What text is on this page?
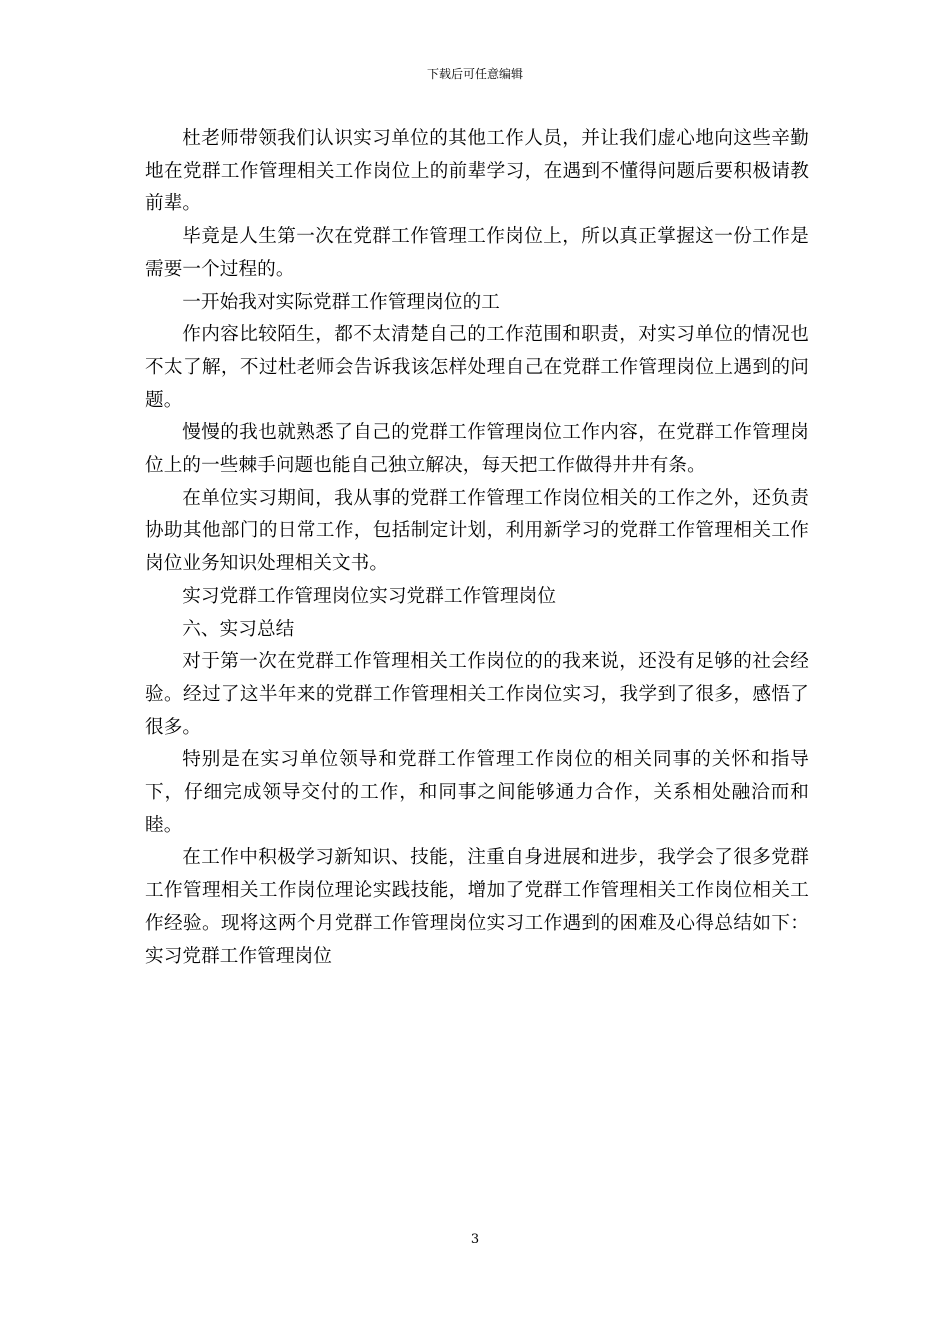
下载后可任意编辑

杜老师带领我们认识实习单位的其他工作人员，并让我们虚心地向这些辛勤地在党群工作管理相关工作岗位上的前辈学习，在遇到不懂得问题后要积极请教前辈。

毕竟是人生第一次在党群工作管理工作岗位上，所以真正掌握这一份工作是需要一个过程的。

一开始我对实际党群工作管理岗位的工

作内容比较陌生，都不太清楚自己的工作范围和职责，对实习单位的情况也不太了解，不过杜老师会告诉我该怎样处理自己在党群工作管理岗位上遇到的问题。

慢慢的我也就熟悉了自己的党群工作管理岗位工作内容，在党群工作管理岗位上的一些棘手问题也能自己独立解决，每天把工作做得井井有条。

在单位实习期间，我从事的党群工作管理工作岗位相关的工作之外，还负责协助其他部门的日常工作，包括制定计划，利用新学习的党群工作管理相关工作岗位业务知识处理相关文书。

实习党群工作管理岗位实习党群工作管理岗位

六、实习总结

对于第一次在党群工作管理相关工作岗位的的我来说，还没有足够的社会经验。经过了这半年来的党群工作管理相关工作岗位实习，我学到了很多，感悟了很多。

特别是在实习单位领导和党群工作管理工作岗位的相关同事的关怀和指导下，仔细完成领导交付的工作，和同事之间能够通力合作，关系相处融洽而和睦。

在工作中积极学习新知识、技能，注重自身进展和进步，我学会了很多党群工作管理相关工作岗位理论实践技能，增加了党群工作管理相关工作岗位相关工作经验。现将这两个月党群工作管理岗位实习工作遇到的困难及心得总结如下：实习党群工作管理岗位

3
